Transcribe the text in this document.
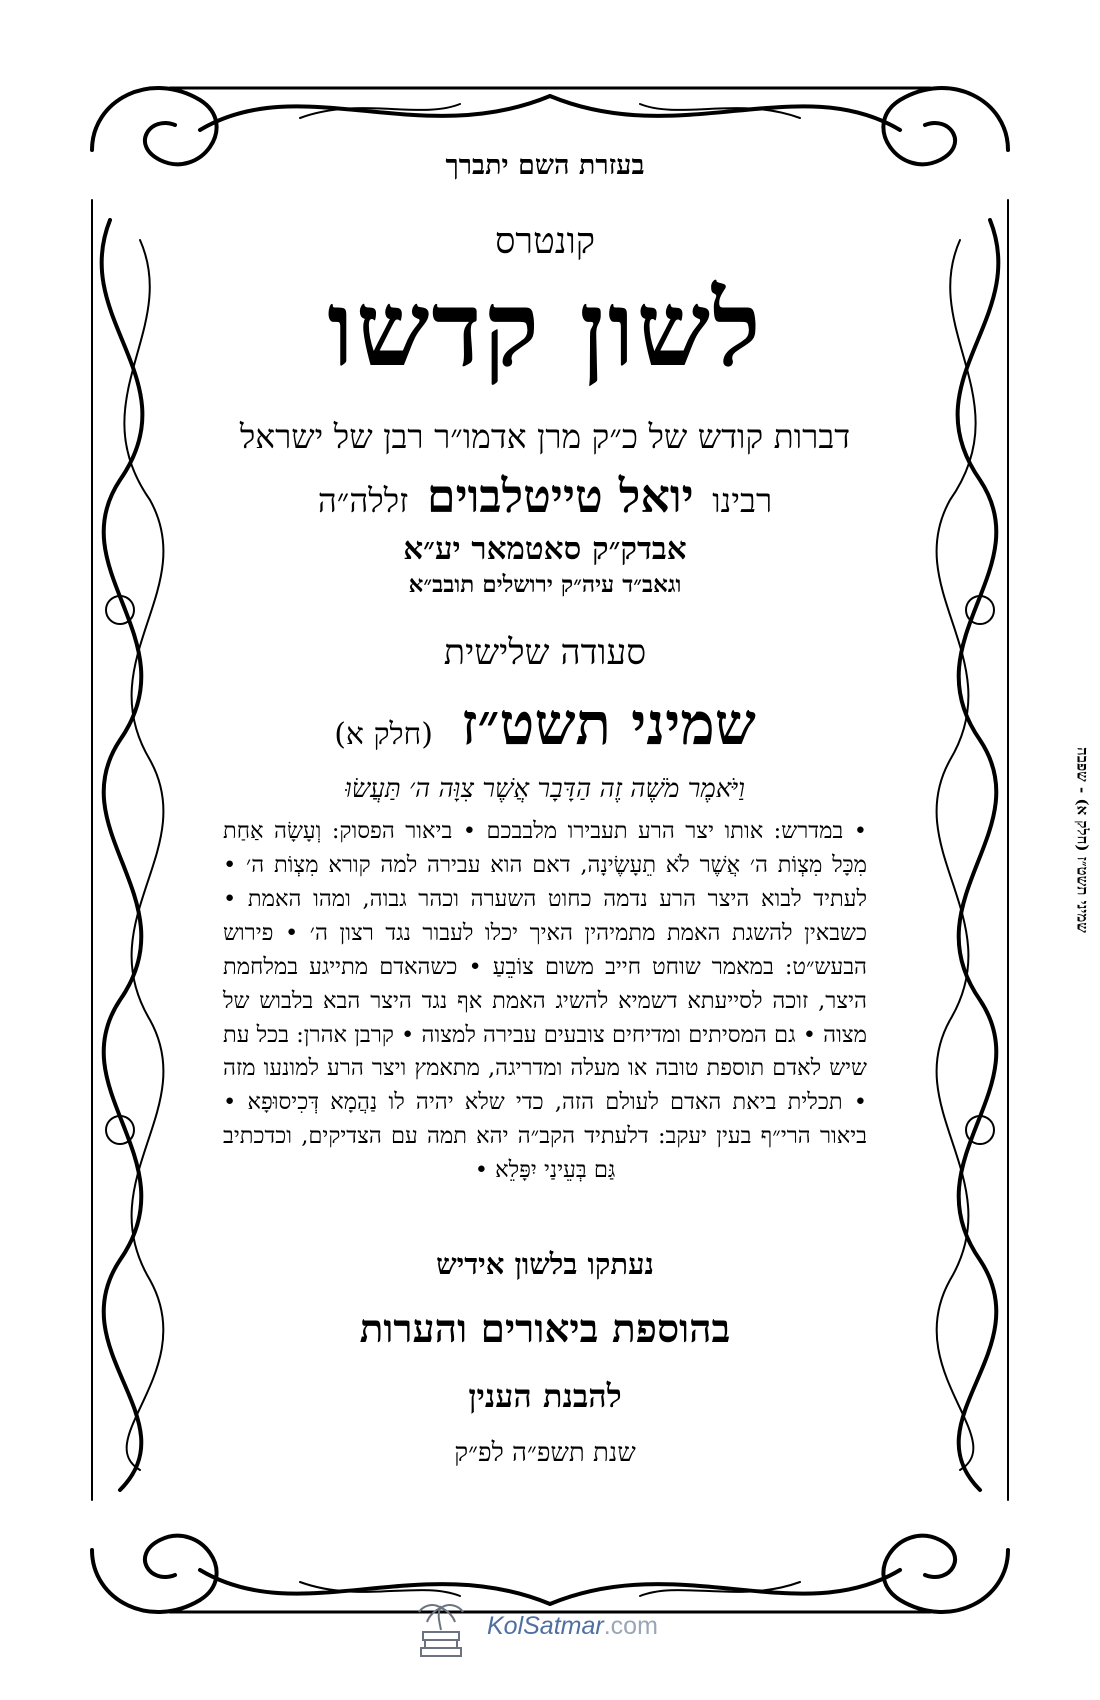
בעזרת השם יתברך

קונטרס

לשון קדשו

דברות קודש של כ״ק מרן אדמו״ר רבן של ישראל

רבינו יואל טייטלבוים זללה״ה

אבדק״ק סאטמאר יע״א

וגאב״ד עיה״ק ירושלים תובב״א

סעודה שלישית

שמיני תשט״ז (חלק א)

וַיֹּאמֶר מֹשֶׁה זֶה הַדָּבָר אֲשֶׁר צִוָּה ה׳ תַּעֲשׂוּ

• במדרש: אותו יצר הרע תעבירו מלבבכם • ביאור הפסוק: וְעָשָׂה אַחַת מִכָּל מִצְוֹת ה׳ אֲשֶׁר לֹא תֵעָשֶׂינָה, דאם הוא עבירה למה קורא מִצְוֹת ה׳ • לעתיד לבוא היצר הרע נדמה כחוט השערה וכהר גבוה, ומהו האמת • כשבאין להשגת האמת מתמיהין האיך יכלו לעבור נגד רצון ה׳ • פירוש הבעש״ט: במאמר שוחט חייב משום צוֹבֵעַ • כשהאדם מתייגע במלחמת היצר, זוכה לסייעתא דשמיא להשיג האמת אף נגד היצר הבא בלבוש של מצוה • גם המסיתים ומדיחים צובעים עבירה למצוה • קרבן אהרן: בכל עת שיש לאדם תוספת טובה או מעלה ומדריגה, מתאמץ ויצר הרע למונעו מזה • תכלית ביאת האדם לעולם הזה, כדי שלא יהיה לו נַהֲמָא דְּכִיסוּפָא • ביאור הרי״ף בעין יעקב: דלעתיד הקב״ה יהא תמה עם הצדיקים, וכדכתיב גַּם בְּעֵינַי יִפָּלֵא •

נעתקו בלשון אידיש

בהוספת ביאורים והערות

להבנת הענין

שנת תשפ״ה לפ״ק

שמיני תשט״ז (חלק א) - שפבה
KolSatmar.com
